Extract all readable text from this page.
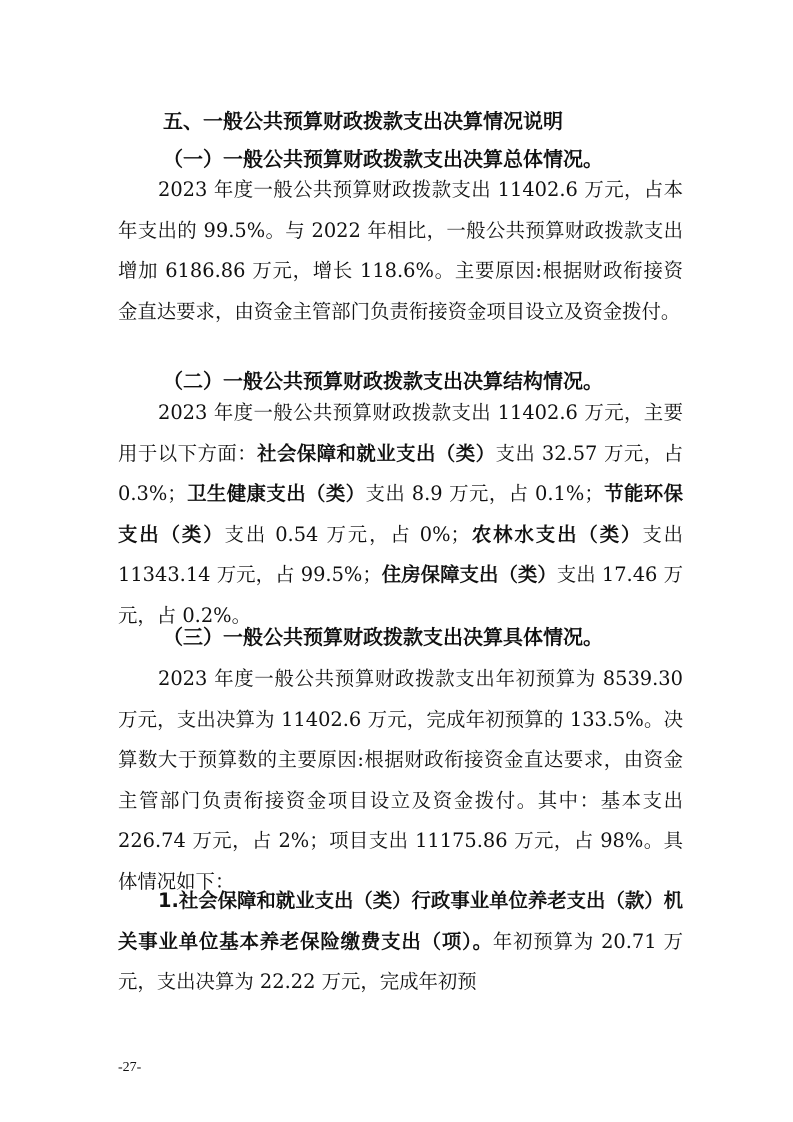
五、一般公共预算财政拨款支出决算情况说明
（一）一般公共预算财政拨款支出决算总体情况。

2023 年度一般公共预算财政拨款支出 11402.6 万元，占本年支出的 99.5%。与 2022 年相比，一般公共预算财政拨款支出增加 6186.86 万元，增长 118.6%。主要原因:根据财政衔接资金直达要求，由资金主管部门负责衔接资金项目设立及资金拨付。

（二）一般公共预算财政拨款支出决算结构情况。

2023 年度一般公共预算财政拨款支出 11402.6 万元，主要用于以下方面：社会保障和就业支出（类）支出 32.57 万元，占 0.3%；卫生健康支出（类）支出 8.9 万元，占 0.1%；节能环保支出（类）支出 0.54 万元，占 0%；农林水支出（类）支出 11343.14 万元，占 99.5%；住房保障支出（类）支出 17.46 万元，占 0.2%。

（三）一般公共预算财政拨款支出决算具体情况。

2023 年度一般公共预算财政拨款支出年初预算为 8539.30 万元，支出决算为 11402.6 万元，完成年初预算的 133.5%。决算数大于预算数的主要原因:根据财政衔接资金直达要求，由资金主管部门负责衔接资金项目设立及资金拨付。其中：基本支出 226.74 万元，占 2%；项目支出 11175.86 万元，占 98%。具体情况如下：

1.社会保障和就业支出（类）行政事业单位养老支出（款）机关事业单位基本养老保险缴费支出（项）。年初预算为 20.71 万元，支出决算为 22.22 万元，完成年初预

-27-
